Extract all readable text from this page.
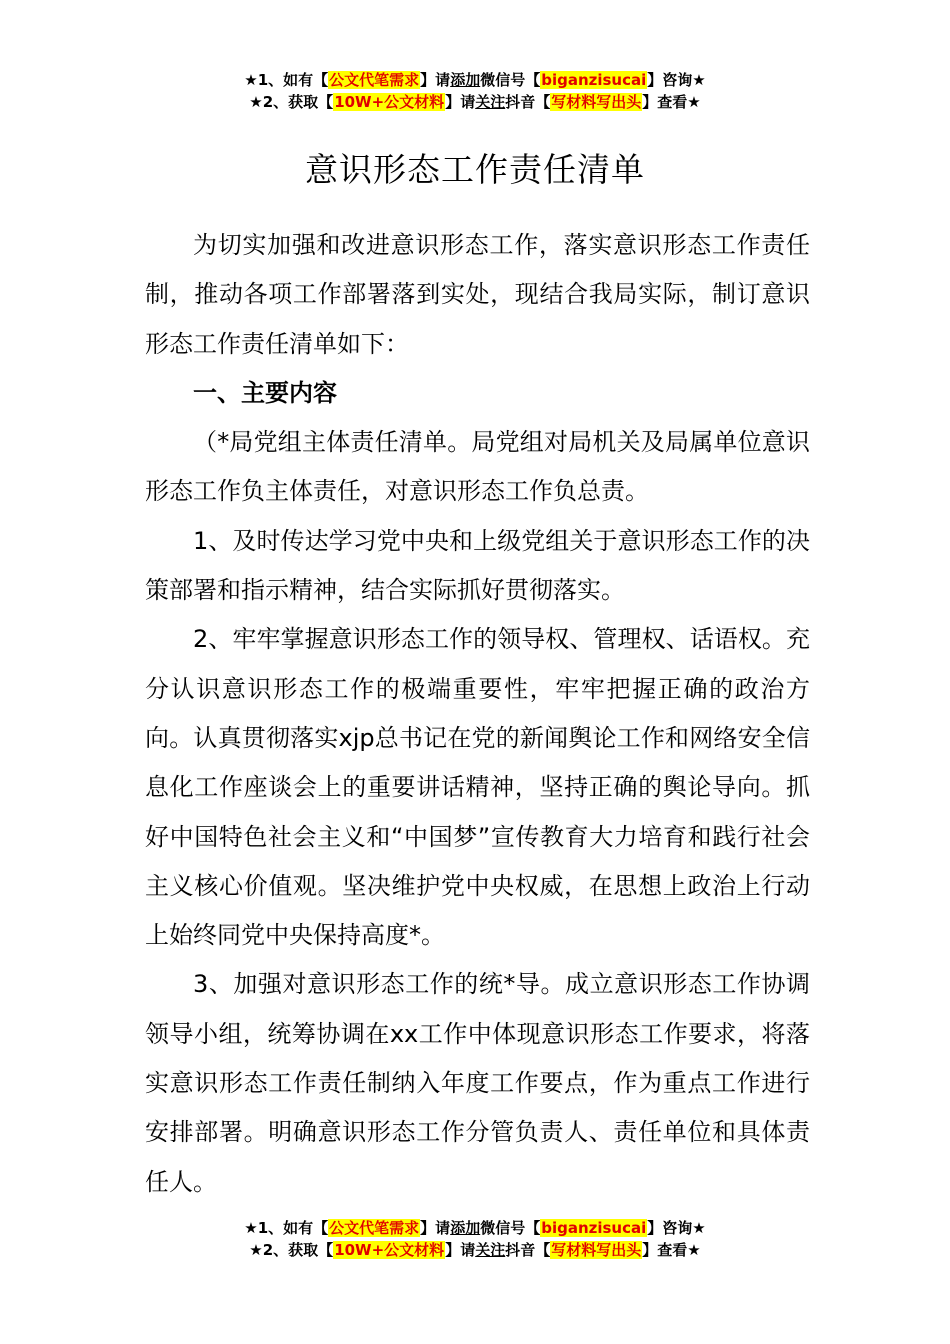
★1、如有【公文代笔需求】请添加微信号【biganzisucai】咨询★
★2、获取【10W+公文材料】请关注抖音【写材料写出头】查看★
意识形态工作责任清单

为切实加强和改进意识形态工作，落实意识形态工作责任制，推动各项工作部署落到实处，现结合我局实际，制订意识形态工作责任清单如下：

一、主要内容

（*局党组主体责任清单。局党组对局机关及局属单位意识形态工作负主体责任，对意识形态工作负总责。

1、及时传达学习党中央和上级党组关于意识形态工作的决策部署和指示精神，结合实际抓好贯彻落实。

2、牢牢掌握意识形态工作的领导权、管理权、话语权。充分认识意识形态工作的极端重要性，牢牢把握正确的政治方向。认真贯彻落实xjp总书记在党的新闻舆论工作和网络安全信息化工作座谈会上的重要讲话精神，坚持正确的舆论导向。抓好中国特色社会主义和“中国梦”宣传教育大力培育和践行社会主义核心价值观。坚决维护党中央权威，在思想上政治上行动上始终同党中央保持高度*。

3、加强对意识形态工作的统*导。成立意识形态工作协调领导小组，统筹协调在xx工作中体现意识形态工作要求，将落实意识形态工作责任制纳入年度工作要点，作为重点工作进行安排部署。明确意识形态工作分管负责人、责任单位和具体责任人。

★1、如有【公文代笔需求】请添加微信号【biganzisucai】咨询★
★2、获取【10W+公文材料】请关注抖音【写材料写出头】查看★
